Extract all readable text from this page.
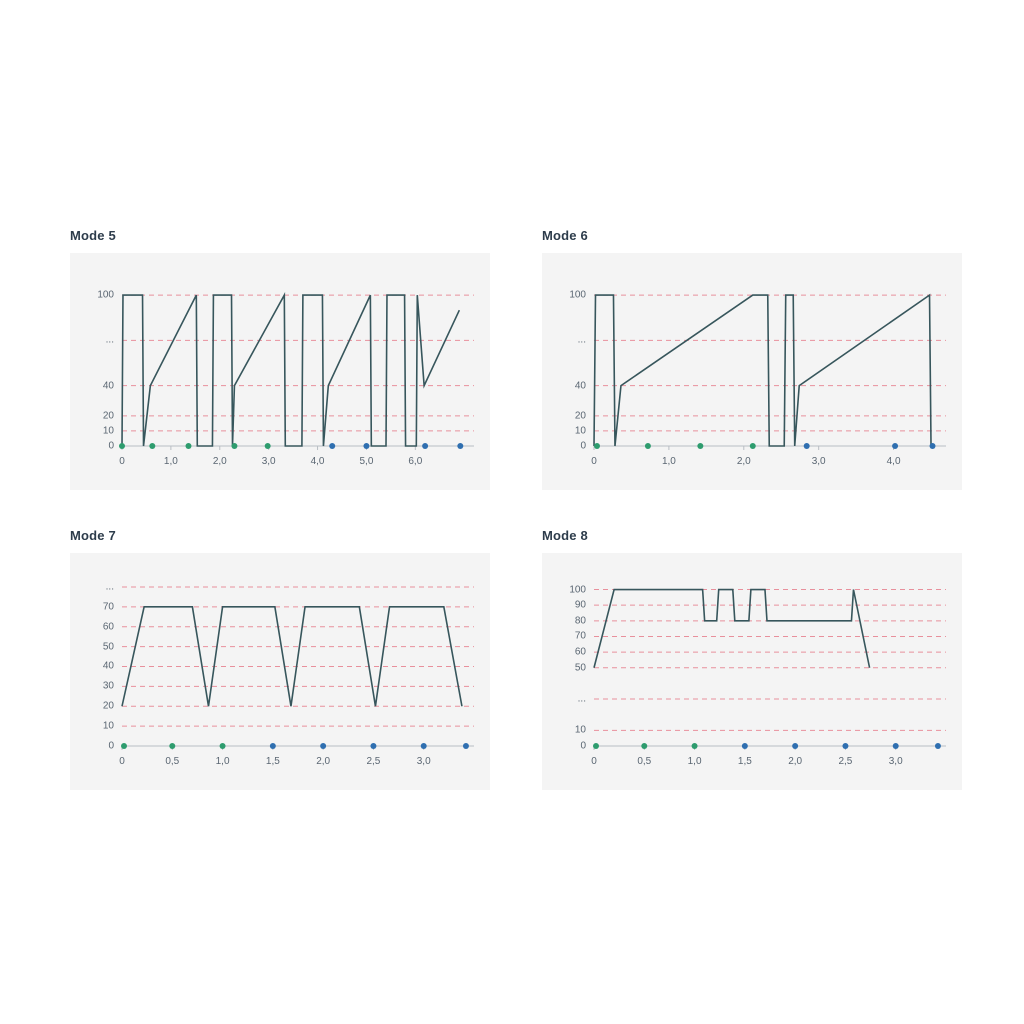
Mode 5
0
10
20
40
...
100
0	1,0	2,0	3,0	4,0	5,0	6,0
Mode 6
0
10
20
40
...
100
0	1,0	2,0	3,0	4,0
Mode 7
0
10
20
30
40
50
60
70
...
0	0,5	1,0	1,5	2,0	2,5	3,0
Mode 8
0
10
...
50
60
70
80
90
100
0	0,5	1,0	1,5	2,0	2,5	3,0
